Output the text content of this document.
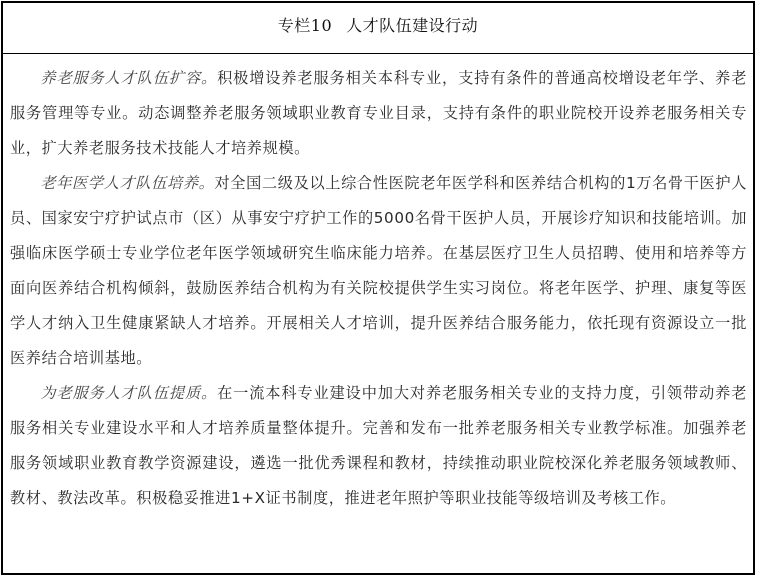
专栏10 人才队伍建设行动

养老服务人才队伍扩容。积极增设养老服务相关本科专业，支持有条件的普通高校增设老年学、养老服务管理等专业。动态调整养老服务领域职业教育专业目录，支持有条件的职业院校开设养老服务相关专业，扩大养老服务技术技能人才培养规模。

老年医学人才队伍培养。对全国二级及以上综合性医院老年医学科和医养结合机构的1万名骨干医护人员、国家安宁疗护试点市（区）从事安宁疗护工作的5000名骨干医护人员，开展诊疗知识和技能培训。加强临床医学硕士专业学位老年医学领域研究生临床能力培养。在基层医疗卫生人员招聘、使用和培养等方面向医养结合机构倾斜，鼓励医养结合机构为有关院校提供学生实习岗位。将老年医学、护理、康复等医学人才纳入卫生健康紧缺人才培养。开展相关人才培训，提升医养结合服务能力，依托现有资源设立一批医养结合培训基地。

为老服务人才队伍提质。在一流本科专业建设中加大对养老服务相关专业的支持力度，引领带动养老服务相关专业建设水平和人才培养质量整体提升。完善和发布一批养老服务相关专业教学标准。加强养老服务领域职业教育教学资源建设，遴选一批优秀课程和教材，持续推动职业院校深化养老服务领域教师、教材、教法改革。积极稳妥推进1+X证书制度，推进老年照护等职业技能等级培训及考核工作。
